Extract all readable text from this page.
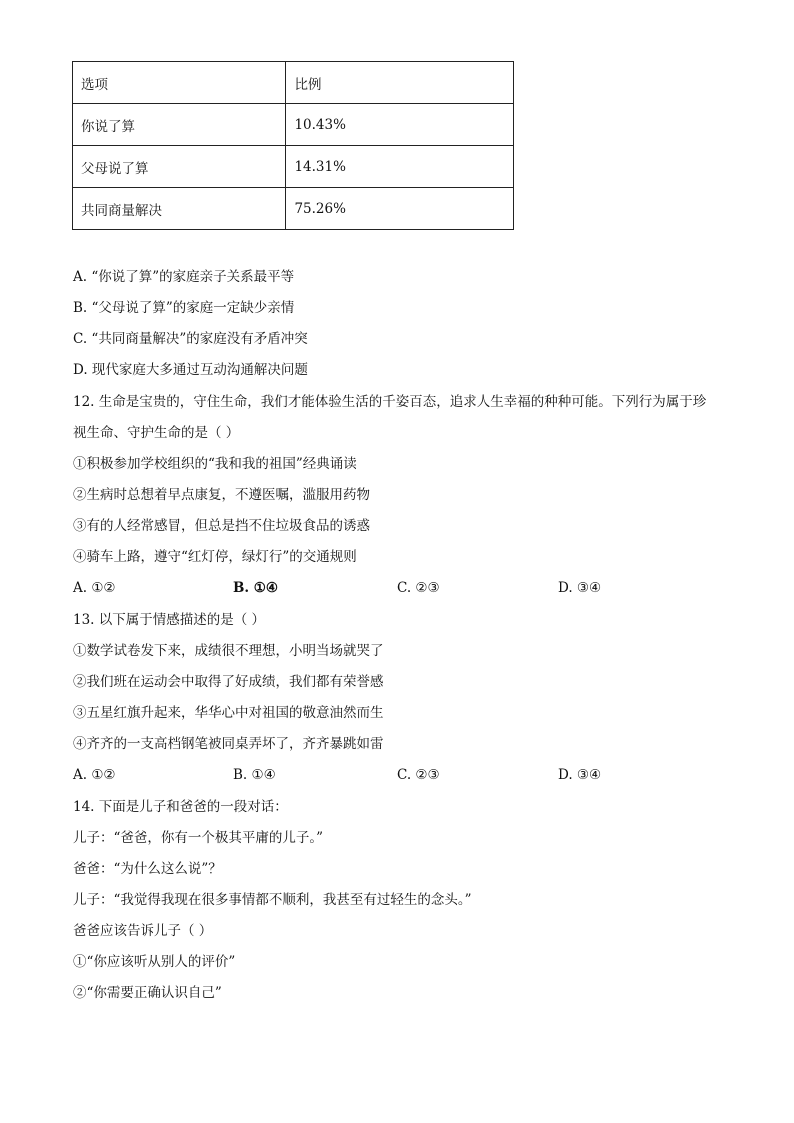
选项	比例
你说了算	10.43%
父母说了算	14.31%
共同商量解决	75.26%
A. “你说了算”的家庭亲子关系最平等
B. “父母说了算”的家庭一定缺少亲情
C. “共同商量解决”的家庭没有矛盾冲突
D. 现代家庭大多通过互动沟通解决问题
12. 生命是宝贵的，守住生命，我们才能体验生活的千姿百态，追求人生幸福的种种可能。下列行为属于珍
视生命、守护生命的是（ ）
①积极参加学校组织的“我和我的祖国”经典诵读
②生病时总想着早点康复，不遵医嘱，滥服用药物
③有的人经常感冒，但总是挡不住垃圾食品的诱惑
④骑车上路，遵守“红灯停，绿灯行”的交通规则
A. ①②	B. ①④	C. ②③	D. ③④
13. 以下属于情感描述的是（ ）
①数学试卷发下来，成绩很不理想，小明当场就哭了
②我们班在运动会中取得了好成绩，我们都有荣誉感
③五星红旗升起来，华华心中对祖国的敬意油然而生
④齐齐的一支高档钢笔被同桌弄坏了，齐齐暴跳如雷
A. ①②	B. ①④	C. ②③	D. ③④
14. 下面是儿子和爸爸的一段对话：
儿子：“爸爸，你有一个极其平庸的儿子。”
爸爸：“为什么这么说”？
儿子：“我觉得我现在很多事情都不顺利，我甚至有过轻生的念头。”
爸爸应该告诉儿子（ ）
①“你应该听从别人的评价”
②“你需要正确认识自己”
